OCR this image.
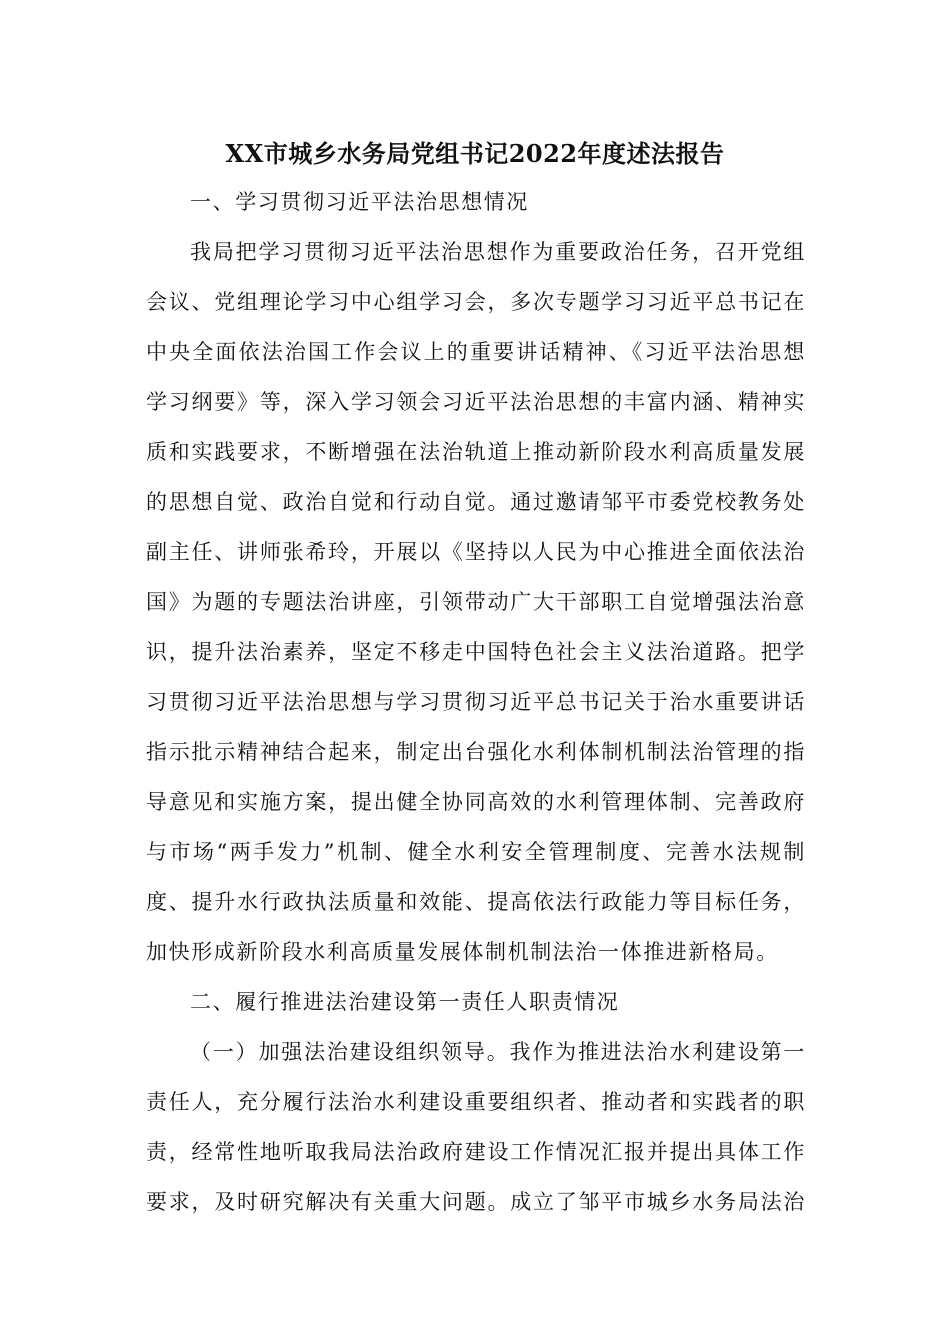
XX市城乡水务局党组书记2022年度述法报告
一、学习贯彻习近平法治思想情况
我局把学习贯彻习近平法治思想作为重要政治任务，召开党组
会议、党组理论学习中心组学习会，多次专题学习习近平总书记在
中央全面依法治国工作会议上的重要讲话精神、《习近平法治思想
学习纲要》等，深入学习领会习近平法治思想的丰富内涵、精神实
质和实践要求，不断增强在法治轨道上推动新阶段水利高质量发展
的思想自觉、政治自觉和行动自觉。通过邀请邹平市委党校教务处
副主任、讲师张希玲，开展以《坚持以人民为中心推进全面依法治
国》为题的专题法治讲座，引领带动广大干部职工自觉增强法治意
识，提升法治素养，坚定不移走中国特色社会主义法治道路。把学
习贯彻习近平法治思想与学习贯彻习近平总书记关于治水重要讲话
指示批示精神结合起来，制定出台强化水利体制机制法治管理的指
导意见和实施方案，提出健全协同高效的水利管理体制、完善政府
与市场“两手发力”机制、健全水利安全管理制度、完善水法规制
度、提升水行政执法质量和效能、提高依法行政能力等目标任务，
加快形成新阶段水利高质量发展体制机制法治一体推进新格局。
二、履行推进法治建设第一责任人职责情况
（一）加强法治建设组织领导。我作为推进法治水利建设第一
责任人，充分履行法治水利建设重要组织者、推动者和实践者的职
责，经常性地听取我局法治政府建设工作情况汇报并提出具体工作
要求，及时研究解决有关重大问题。成立了邹平市城乡水务局法治
